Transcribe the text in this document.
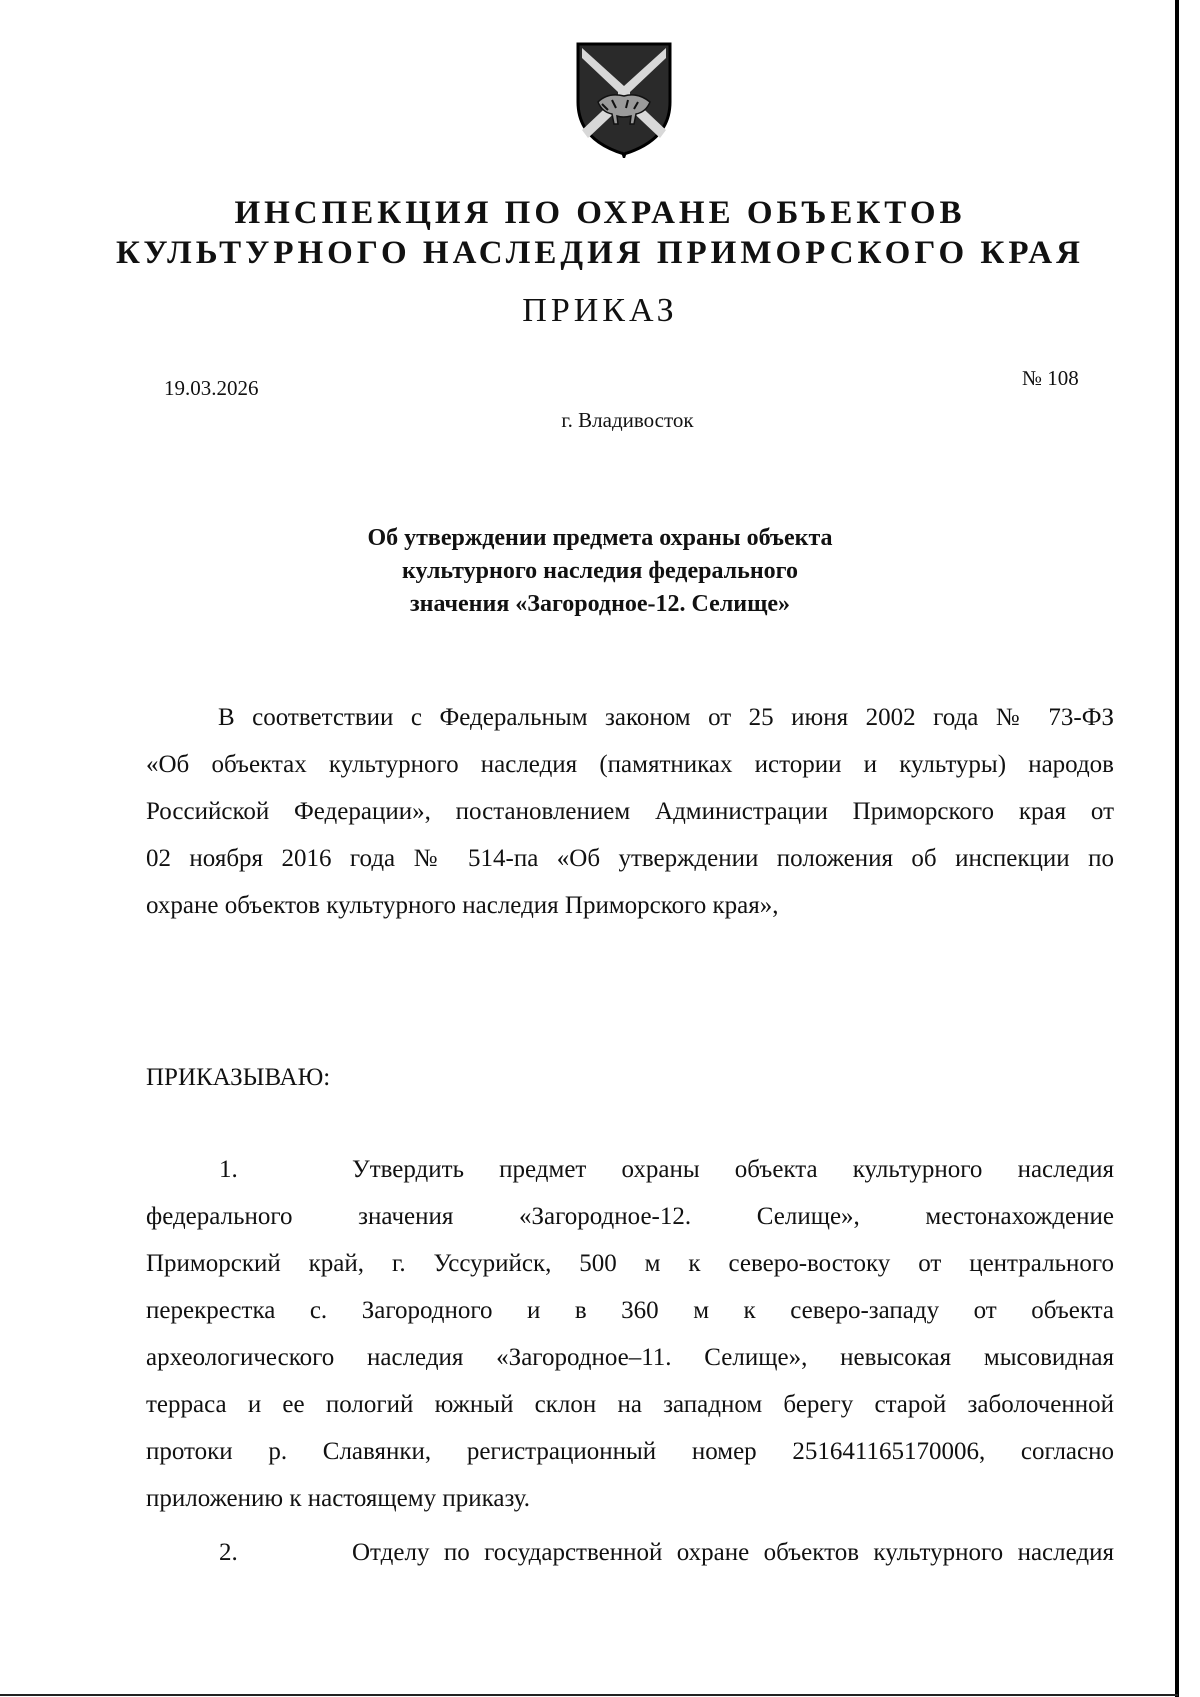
ИНСПЕКЦИЯ ПО ОХРАНЕ ОБЪЕКТОВ
КУЛЬТУРНОГО НАСЛЕДИЯ ПРИМОРСКОГО КРАЯ
ПРИКАЗ
19.03.2026	№ 108
г. Владивосток
Об утверждении предмета охраны объекта
культурного наследия федерального
значения «Загородное-12. Селище»
В соответствии с Федеральным законом от 25 июня 2002 года № 73-ФЗ
«Об объектах культурного наследия (памятниках истории и культуры) народов
Российской Федерации», постановлением Администрации Приморского края от
02 ноября 2016 года № 514-па «Об утверждении положения об инспекции по
охране объектов культурного наследия Приморского края»,
ПРИКАЗЫВАЮ:
1.	Утвердить предмет охраны объекта культурного наследия
федерального значения «Загородное-12. Селище», местонахождение
Приморский край, г. Уссурийск, 500 м к северо-востоку от центрального
перекрестка с. Загородного и в 360 м к северо-западу от объекта
археологического наследия «Загородное–11. Селище», невысокая мысовидная
терраса и ее пологий южный склон на западном берегу старой заболоченной
протоки р. Славянки, регистрационный номер 251641165170006, согласно
приложению к настоящему приказу.
2.	Отделу по государственной охране объектов культурного наследия
